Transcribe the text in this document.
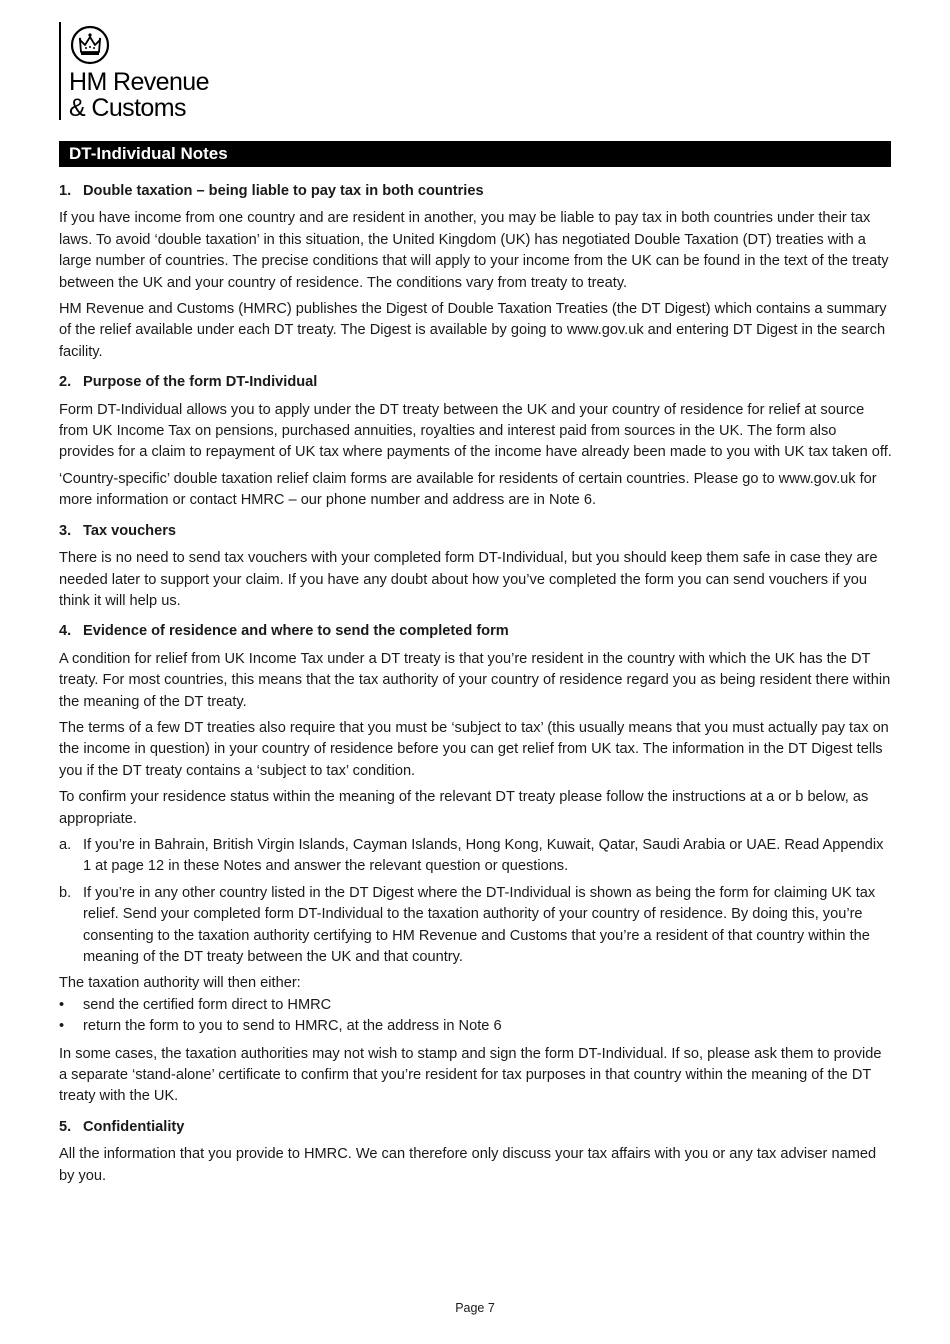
HM Revenue
& Customs
DT-Individual Notes
1. Double taxation – being liable to pay tax in both countries

If you have income from one country and are resident in another, you may be liable to pay tax in both countries under their tax laws. To avoid ‘double taxation’ in this situation, the United Kingdom (UK) has negotiated Double Taxation (DT) treaties with a large number of countries. The precise conditions that will apply to your income from the UK can be found in the text of the treaty between the UK and your country of residence. The conditions vary from treaty to treaty.

HM Revenue and Customs (HMRC) publishes the Digest of Double Taxation Treaties (the DT Digest) which contains a summary of the relief available under each DT treaty. The Digest is available by going to www.gov.uk and entering DT Digest in the search facility.

2. Purpose of the form DT-Individual

Form DT-Individual allows you to apply under the DT treaty between the UK and your country of residence for relief at source from UK Income Tax on pensions, purchased annuities, royalties and interest paid from sources in the UK. The form also provides for a claim to repayment of UK tax where payments of the income have already been made to you with UK tax taken off.

‘Country-specific’ double taxation relief claim forms are available for residents of certain countries. Please go to www.gov.uk for more information or contact HMRC – our phone number and address are in Note 6.

3. Tax vouchers

There is no need to send tax vouchers with your completed form DT-Individual, but you should keep them safe in case they are needed later to support your claim. If you have any doubt about how you’ve completed the form you can send vouchers if you think it will help us.

4. Evidence of residence and where to send the completed form

A condition for relief from UK Income Tax under a DT treaty is that you’re resident in the country with which the UK has the DT treaty. For most countries, this means that the tax authority of your country of residence regard you as being resident there within the meaning of the DT treaty.

The terms of a few DT treaties also require that you must be ‘subject to tax’ (this usually means that you must actually pay tax on the income in question) in your country of residence before you can get relief from UK tax. The information in the DT Digest tells you if the DT treaty contains a ‘subject to tax’ condition.

To confirm your residence status within the meaning of the relevant DT treaty please follow the instructions at a or b below, as appropriate.

a. If you’re in Bahrain, British Virgin Islands, Cayman Islands, Hong Kong, Kuwait, Qatar, Saudi Arabia or UAE. Read Appendix 1 at page 12 in these Notes and answer the relevant question or questions.
b. If you’re in any other country listed in the DT Digest where the DT-Individual is shown as being the form for claiming UK tax relief. Send your completed form DT-Individual to the taxation authority of your country of residence. By doing this, you’re consenting to the taxation authority certifying to HM Revenue and Customs that you’re a resident of that country within the meaning of the DT treaty between the UK and that country.

The taxation authority will then either:

•	send the certified form direct to HMRC
•	return the form to you to send to HMRC, at the address in Note 6

In some cases, the taxation authorities may not wish to stamp and sign the form DT-Individual. If so, please ask them to provide a separate ‘stand-alone’ certificate to confirm that you’re resident for tax purposes in that country within the meaning of the DT treaty with the UK.

5. Confidentiality

All the information that you provide to HMRC. We can therefore only discuss your tax affairs with you or any tax adviser named by you.

Page 7
